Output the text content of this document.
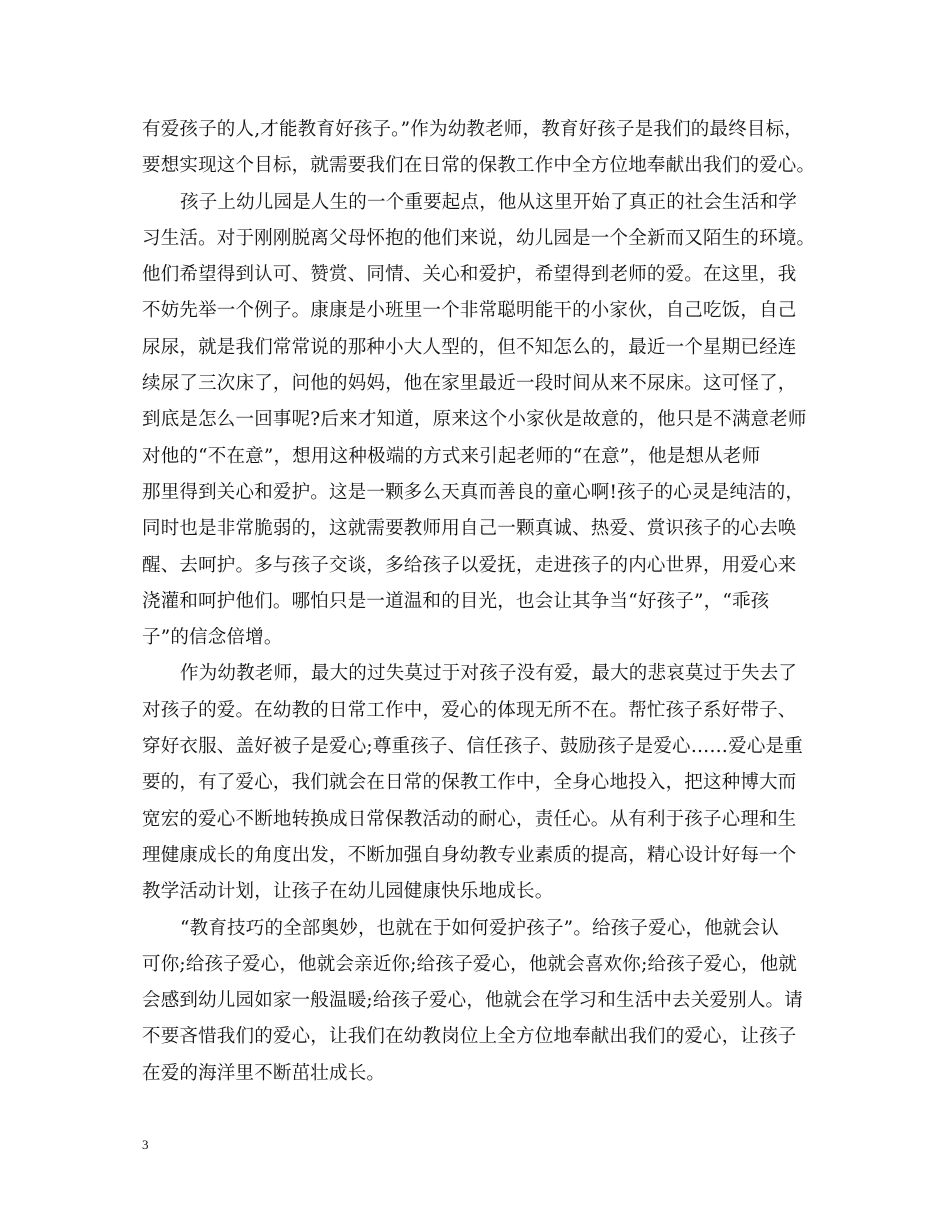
有爱孩子的人,才能教育好孩子。”作为幼教老师，教育好孩子是我们的最终目标，
要想实现这个目标，就需要我们在日常的保教工作中全方位地奉献出我们的爱心。
孩子上幼儿园是人生的一个重要起点，他从这里开始了真正的社会生活和学
习生活。对于刚刚脱离父母怀抱的他们来说，幼儿园是一个全新而又陌生的环境。
他们希望得到认可、赞赏、同情、关心和爱护，希望得到老师的爱。在这里，我
不妨先举一个例子。康康是小班里一个非常聪明能干的小家伙，自己吃饭，自己
尿尿，就是我们常常说的那种小大人型的，但不知怎么的，最近一个星期已经连
续尿了三次床了，问他的妈妈，他在家里最近一段时间从来不尿床。这可怪了，
到底是怎么一回事呢?后来才知道，原来这个小家伙是故意的，他只是不满意老师
对他的“不在意”，想用这种极端的方式来引起老师的“在意”，他是想从老师
那里得到关心和爱护。这是一颗多么天真而善良的童心啊!孩子的心灵是纯洁的，
同时也是非常脆弱的，这就需要教师用自己一颗真诚、热爱、赏识孩子的心去唤
醒、去呵护。多与孩子交谈，多给孩子以爱抚，走进孩子的内心世界，用爱心来
浇灌和呵护他们。哪怕只是一道温和的目光，也会让其争当“好孩子”，“乖孩
子”的信念倍增。
作为幼教老师，最大的过失莫过于对孩子没有爱，最大的悲哀莫过于失去了
对孩子的爱。在幼教的日常工作中，爱心的体现无所不在。帮忙孩子系好带子、
穿好衣服、盖好被子是爱心;尊重孩子、信任孩子、鼓励孩子是爱心……爱心是重
要的，有了爱心，我们就会在日常的保教工作中，全身心地投入，把这种博大而
宽宏的爱心不断地转换成日常保教活动的耐心，责任心。从有利于孩子心理和生
理健康成长的角度出发，不断加强自身幼教专业素质的提高，精心设计好每一个
教学活动计划，让孩子在幼儿园健康快乐地成长。
“教育技巧的全部奥妙，也就在于如何爱护孩子”。给孩子爱心，他就会认
可你;给孩子爱心，他就会亲近你;给孩子爱心，他就会喜欢你;给孩子爱心，他就
会感到幼儿园如家一般温暖;给孩子爱心，他就会在学习和生活中去关爱别人。请
不要吝惜我们的爱心，让我们在幼教岗位上全方位地奉献出我们的爱心，让孩子
在爱的海洋里不断茁壮成长。
3
